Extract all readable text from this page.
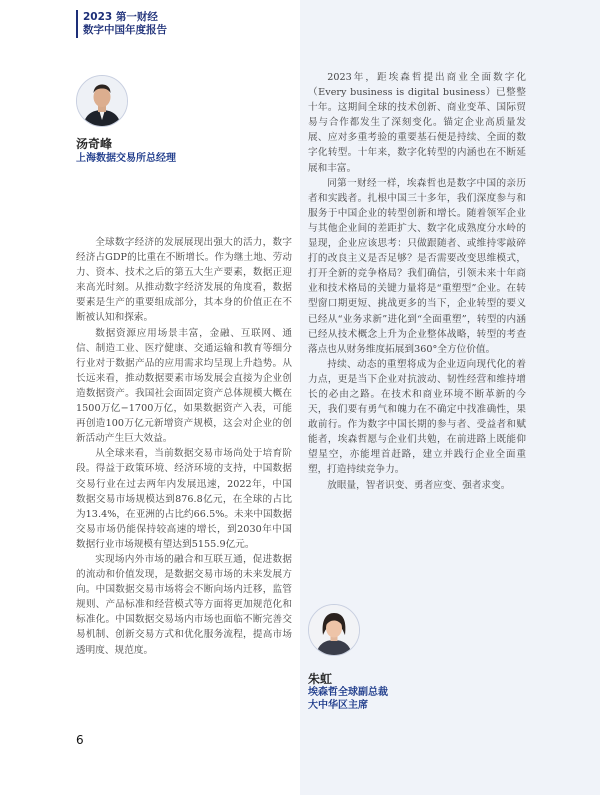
2023 第一财经
数字中国年度报告
汤奇峰
上海数据交易所总经理

全球数字经济的发展展现出强大的活力，数字经济占GDP的比重在不断增长。作为继土地、劳动力、资本、技术之后的第五大生产要素，数据正迎来高光时刻。从推动数字经济发展的角度看，数据要素是生产的重要组成部分，其本身的价值正在不断被认知和探索。

数据资源应用场景丰富，金融、互联网、通信、制造工业、医疗健康、交通运输和教育等细分行业对于数据产品的应用需求均呈现上升趋势。从长远来看，推动数据要素市场发展会直接为企业创造数据资产。我国社会面固定资产总体规模大概在1500万亿−1700万亿，如果数据资产入表，可能再创造100万亿元新增资产规模，这会对企业的创新活动产生巨大效益。

从全球来看，当前数据交易市场尚处于培育阶段。得益于政策环境、经济环境的支持，中国数据交易行业在过去两年内发展迅速，2022年，中国数据交易市场规模达到876.8亿元，在全球的占比为13.4%，在亚洲的占比约66.5%。未来中国数据交易市场仍能保持较高速的增长，到2030年中国数据行业市场规模有望达到5155.9亿元。

实现场内外市场的融合和互联互通，促进数据的流动和价值发现，是数据交易市场的未来发展方向。中国数据交易市场将会不断向场内迁移，监管规则、产品标准和经营模式等方面将更加规范化和标准化。中国数据交易场内市场也面临不断完善交易机制、创新交易方式和优化服务流程，提高市场透明度、规范度。

2023年，距埃森哲提出商业全面数字化（Every business is digital business）已整整十年。这期间全球的技术创新、商业变革、国际贸易与合作都发生了深刻变化。锚定企业高质量发展、应对多重考验的重要基石便是持续、全面的数字化转型。十年来，数字化转型的内涵也在不断延展和丰富。

同第一财经一样，埃森哲也是数字中国的亲历者和实践者。扎根中国三十多年，我们深度参与和服务于中国企业的转型创新和增长。随着领军企业与其他企业间的差距扩大、数字化成熟度分水岭的显现，企业应该思考：只做跟随者、或维持零敲碎打的改良主义是否足够？是否需要改变思维模式，打开全新的竞争格局？我们确信，引领未来十年商业和技术格局的关键力量将是“重塑型”企业。在转型窗口期更短、挑战更多的当下，企业转型的要义已经从“业务求新”进化到“全面重塑”，转型的内涵已经从技术概念上升为企业整体战略，转型的考查落点也从财务维度拓展到360°全方位价值。

持续、动态的重塑将成为企业迈向现代化的着力点，更是当下企业对抗波动、韧性经营和维持增长的必由之路。在技术和商业环境不断革新的今天，我们要有勇气和魄力在不确定中找准确性，果敢前行。作为数字中国长期的参与者、受益者和赋能者，埃森哲愿与企业们共勉，在前进路上既能仰望星空，亦能埋首赶路，建立并践行企业全面重塑，打造持续竞争力。

放眼量，智者识变、勇者应变、强者求变。

朱虹
埃森哲全球副总裁
大中华区主席
6
